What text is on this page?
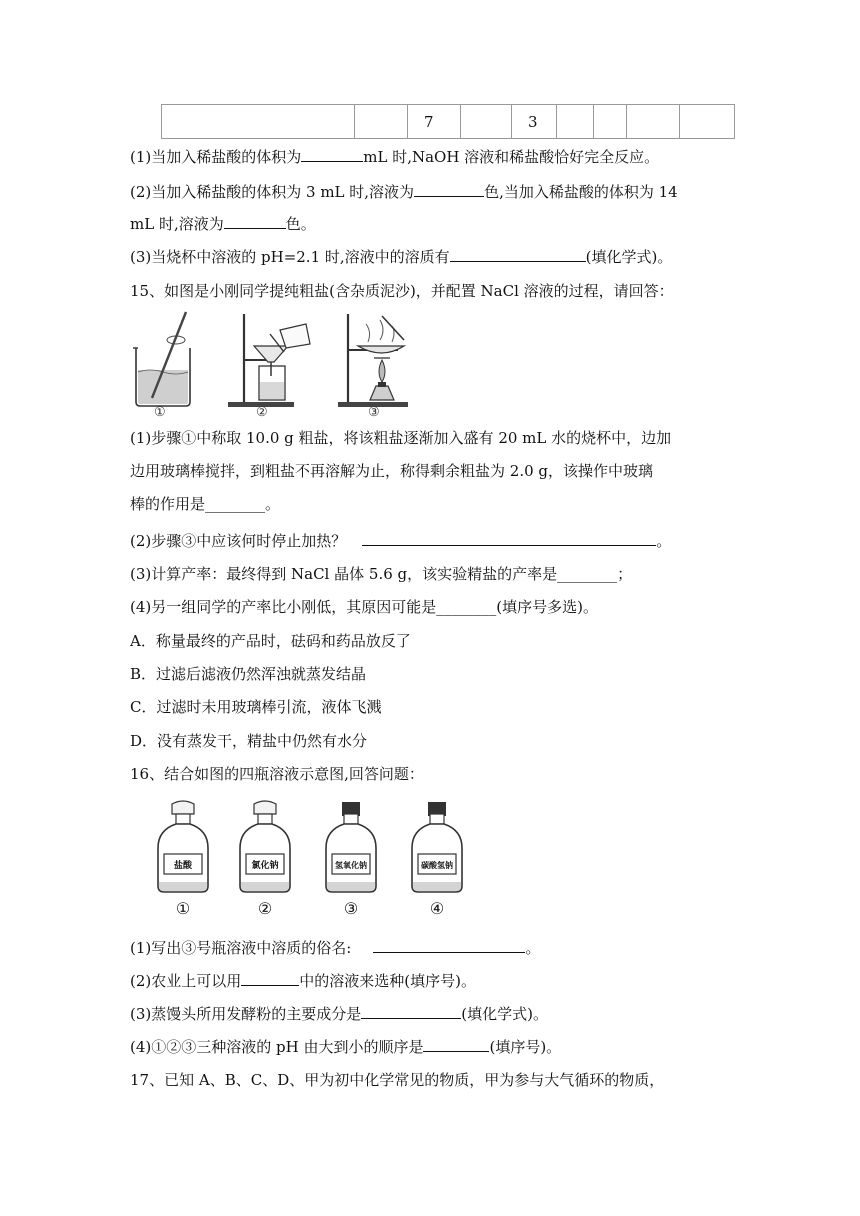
		7		3				
(1)当加入稀盐酸的体积为	mL 时,NaOH 溶液和稀盐酸恰好完全反应。
(2)当加入稀盐酸的体积为 3 mL 时,溶液为	色,当加入稀盐酸的体积为 14
mL 时,溶液为	色。
(3)当烧杯中溶液的 pH=2.1 时,溶液中的溶质有	(填化学式)。
15、如图是小刚同学提纯粗盐(含杂质泥沙)，并配置 NaCl 溶液的过程，请回答：
①	②	③
(1)步骤①中称取 10.0 g 粗盐，将该粗盐逐渐加入盛有 20 mL 水的烧杯中，边加
边用玻璃棒搅拌，到粗盐不再溶解为止，称得剩余粗盐为 2.0 g，该操作中玻璃
棒的作用是________。
(2)步骤③中应该何时停止加热？	。
(3)计算产率：最终得到 NaCl 晶体 5.6 g，该实验精盐的产率是________；
(4)另一组同学的产率比小刚低，其原因可能是________(填序号多选)。
A．称量最终的产品时，砝码和药品放反了
B．过滤后滤液仍然浑浊就蒸发结晶
C．过滤时未用玻璃棒引流，液体飞溅
D．没有蒸发干，精盐中仍然有水分
16、结合如图的四瓶溶液示意图,回答问题：
盐酸
①
氯化钠
②
氢氧化钠
③
碳酸氢钠
④
(1)写出③号瓶溶液中溶质的俗名:	。
(2)农业上可以用	中的溶液来选种(填序号)。
(3)蒸馒头所用发酵粉的主要成分是	(填化学式)。
(4)①②③三种溶液的 pH 由大到小的顺序是	(填序号)。
17、已知 A、B、C、D、甲为初中化学常见的物质，甲为参与大气循环的物质，
